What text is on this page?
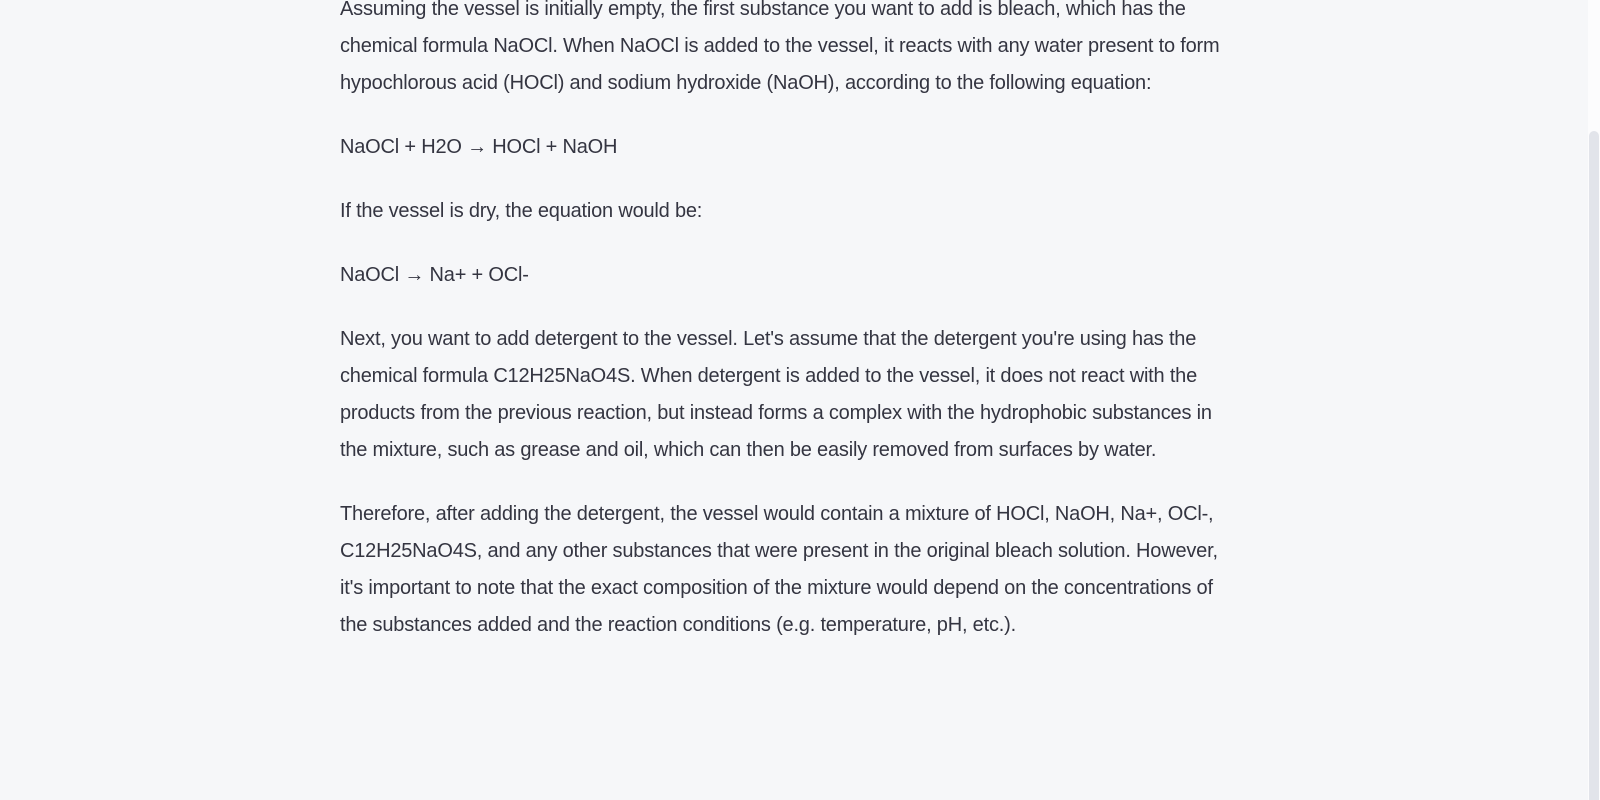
Assuming the vessel is initially empty, the first substance you want to add is bleach, which has the chemical formula NaOCl. When NaOCl is added to the vessel, it reacts with any water present to form hypochlorous acid (HOCl) and sodium hydroxide (NaOH), according to the following equation:

NaOCl + H2O → HOCl + NaOH

If the vessel is dry, the equation would be:

NaOCl → Na+ + OCl-

Next, you want to add detergent to the vessel. Let's assume that the detergent you're using has the chemical formula C12H25NaO4S. When detergent is added to the vessel, it does not react with the products from the previous reaction, but instead forms a complex with the hydrophobic substances in the mixture, such as grease and oil, which can then be easily removed from surfaces by water.

Therefore, after adding the detergent, the vessel would contain a mixture of HOCl, NaOH, Na+, OCl-, C12H25NaO4S, and any other substances that were present in the original bleach solution. However, it's important to note that the exact composition of the mixture would depend on the concentrations of the substances added and the reaction conditions (e.g. temperature, pH, etc.).
